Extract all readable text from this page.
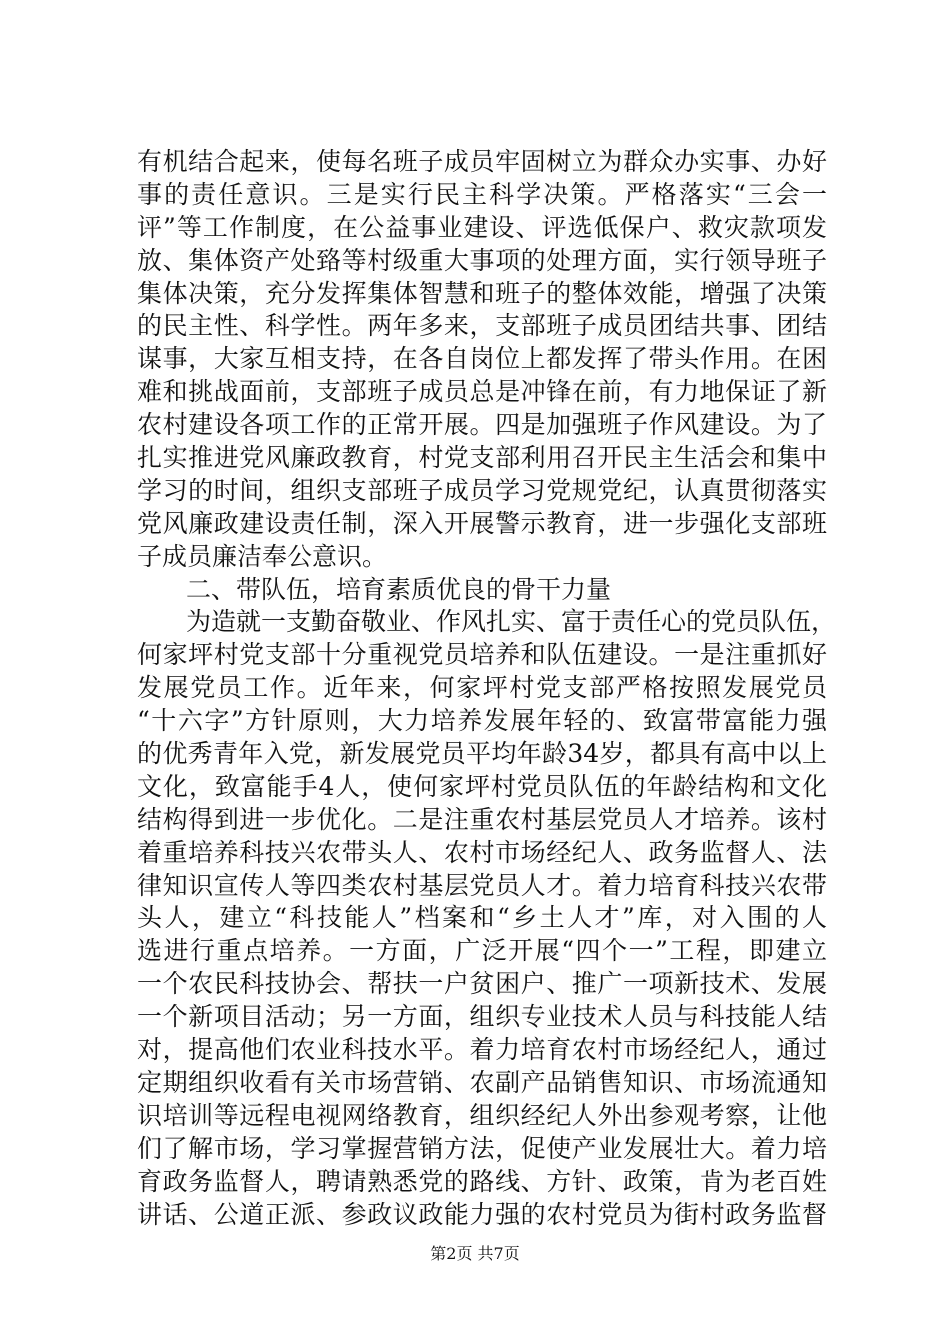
有机结合起来，使每名班子成员牢固树立为群众办实事、办好
事的责任意识。三是实行民主科学决策。严格落实“三会一
评”等工作制度，在公益事业建设、评选低保户、救灾款项发
放、集体资产处臵等村级重大事项的处理方面，实行领导班子
集体决策，充分发挥集体智慧和班子的整体效能，增强了决策
的民主性、科学性。两年多来，支部班子成员团结共事、团结
谋事，大家互相支持，在各自岗位上都发挥了带头作用。在困
难和挑战面前，支部班子成员总是冲锋在前，有力地保证了新
农村建设各项工作的正常开展。四是加强班子作风建设。为了
扎实推进党风廉政教育，村党支部利用召开民主生活会和集中
学习的时间，组织支部班子成员学习党规党纪，认真贯彻落实
党风廉政建设责任制，深入开展警示教育，进一步强化支部班
子成员廉洁奉公意识。
二、带队伍，培育素质优良的骨干力量
为造就一支勤奋敬业、作风扎实、富于责任心的党员队伍，
何家坪村党支部十分重视党员培养和队伍建设。一是注重抓好
发展党员工作。近年来，何家坪村党支部严格按照发展党员
“十六字”方针原则，大力培养发展年轻的、致富带富能力强
的优秀青年入党，新发展党员平均年龄34岁，都具有高中以上
文化，致富能手4人，使何家坪村党员队伍的年龄结构和文化
结构得到进一步优化。二是注重农村基层党员人才培养。该村
着重培养科技兴农带头人、农村市场经纪人、政务监督人、法
律知识宣传人等四类农村基层党员人才。着力培育科技兴农带
头人，建立“科技能人”档案和“乡土人才”库，对入围的人
选进行重点培养。一方面，广泛开展“四个一”工程，即建立
一个农民科技协会、帮扶一户贫困户、推广一项新技术、发展
一个新项目活动；另一方面，组织专业技术人员与科技能人结
对，提高他们农业科技水平。着力培育农村市场经纪人，通过
定期组织收看有关市场营销、农副产品销售知识、市场流通知
识培训等远程电视网络教育，组织经纪人外出参观考察，让他
们了解市场，学习掌握营销方法，促使产业发展壮大。着力培
育政务监督人，聘请熟悉党的路线、方针、政策，肯为老百姓
讲话、公道正派、参政议政能力强的农村党员为街村政务监督
第2页 共7页
